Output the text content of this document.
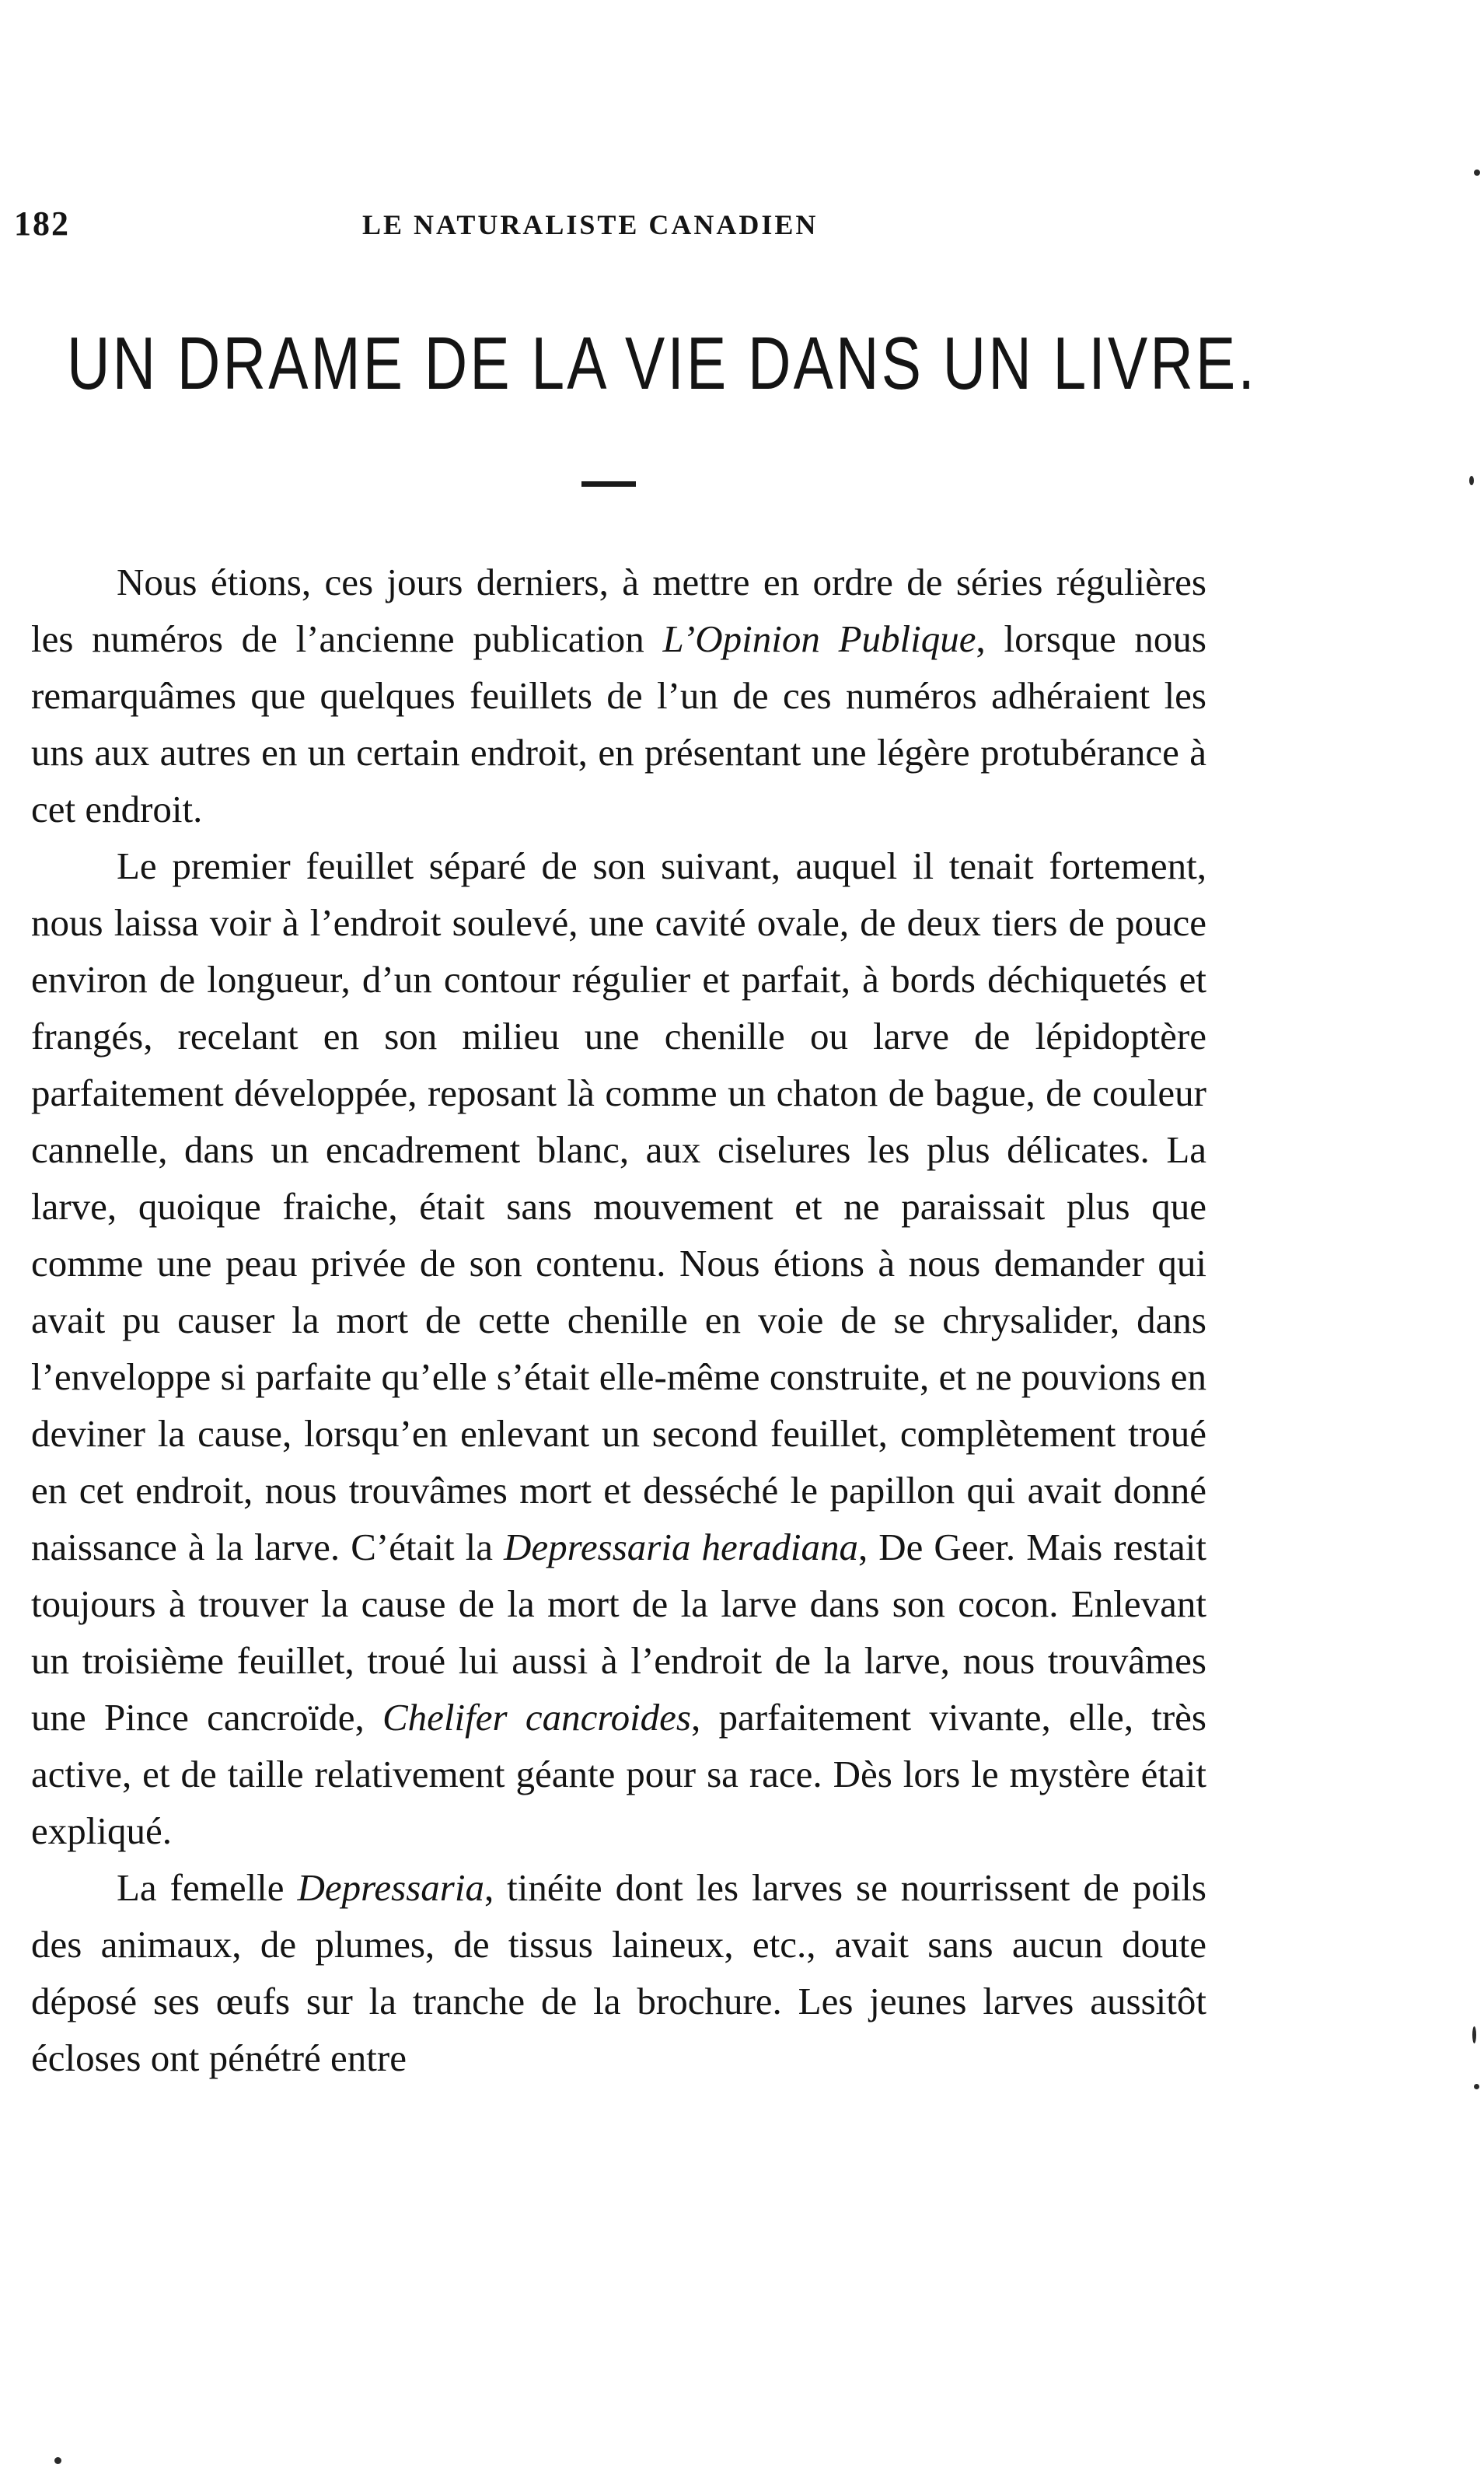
182	LE NATURALISTE CANADIEN
UN DRAME DE LA VIE DANS UN LIVRE.

Nous étions, ces jours derniers, à mettre en ordre de séries régulières les numéros de l’ancienne publication L’Opinion Publique, lorsque nous remarquâmes que quelques feuillets de l’un de ces numéros adhéraient les uns aux autres en un certain endroit, en présentant une légère protubérance à cet endroit.

Le premier feuillet séparé de son suivant, auquel il tenait fortement, nous laissa voir à l’endroit soulevé, une cavité ovale, de deux tiers de pouce environ de longueur, d’un contour régulier et parfait, à bords déchiquetés et frangés, recelant en son milieu une chenille ou larve de lépidoptère parfaitement développée, reposant là comme un chaton de bague, de couleur cannelle, dans un encadrement blanc, aux ciselures les plus délicates. La larve, quoique fraiche, était sans mouvement et ne paraissait plus que comme une peau privée de son contenu. Nous étions à nous demander qui avait pu causer la mort de cette chenille en voie de se chrysalider, dans l’enveloppe si parfaite qu’elle s’était elle-même construite, et ne pouvions en deviner la cause, lorsqu’en enlevant un second feuillet, complètement troué en cet endroit, nous trouvâmes mort et desséché le papillon qui avait donné naissance à la larve. C’était la Depressaria heradiana, De Geer. Mais restait toujours à trouver la cause de la mort de la larve dans son cocon. Enlevant un troisième feuillet, troué lui aussi à l’endroit de la larve, nous trouvâmes une Pince cancroïde, Chelifer cancroides, parfaitement vivante, elle, très active, et de taille relativement géante pour sa race. Dès lors le mystère était expliqué.

La femelle Depressaria, tinéite dont les larves se nourrissent de poils des animaux, de plumes, de tissus laineux, etc., avait sans aucun doute déposé ses œufs sur la tranche de la brochure. Les jeunes larves aussitôt écloses ont pénétré entre
